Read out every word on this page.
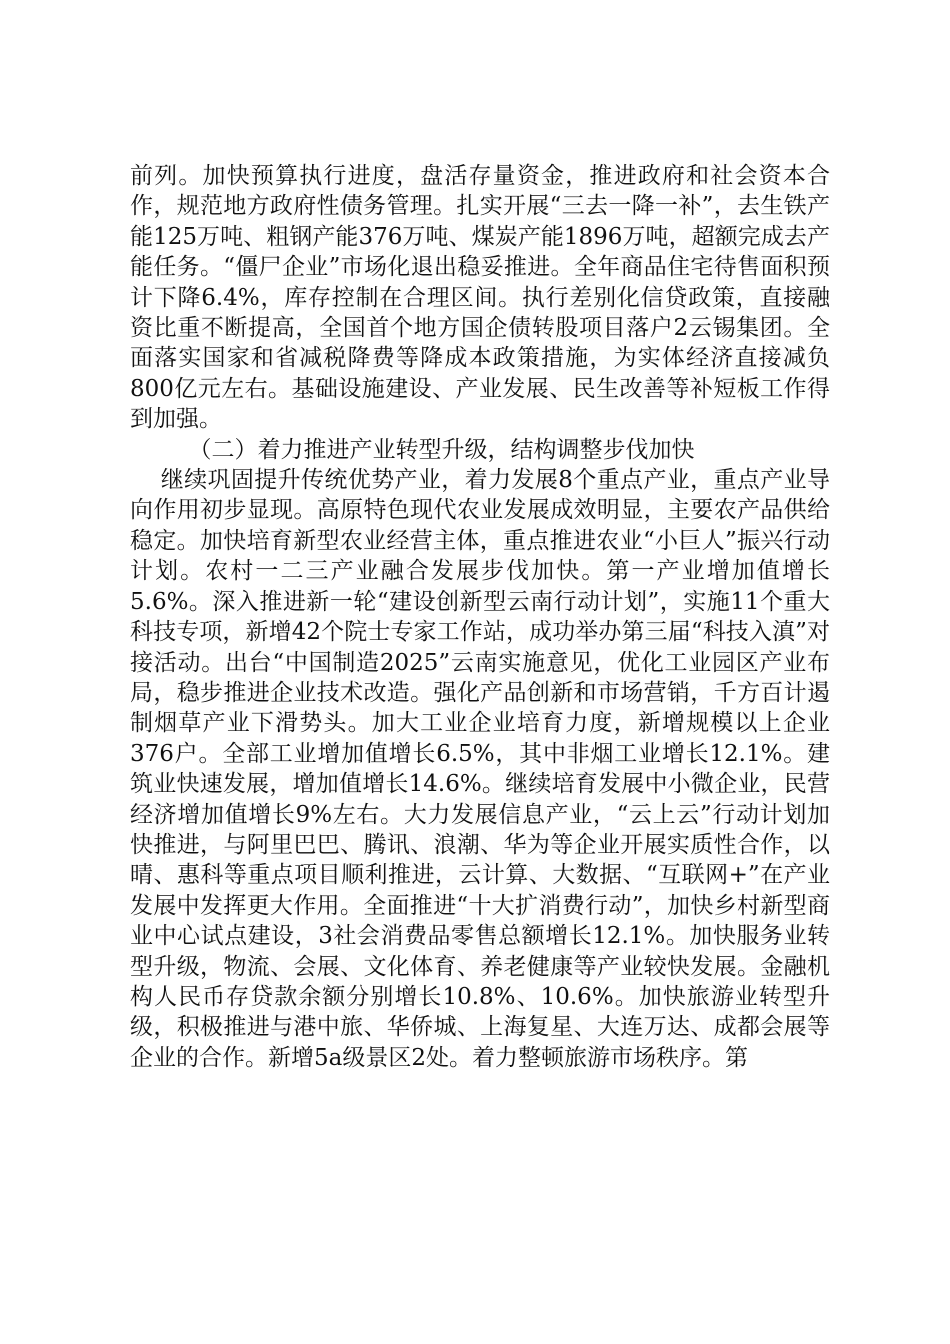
前列。加快预算执行进度，盘活存量资金，推进政府和社会资本合作，规范地方政府性债务管理。扎实开展“三去一降一补”，去生铁产能125万吨、粗钢产能376万吨、煤炭产能1896万吨，超额完成去产能任务。“僵尸企业”市场化退出稳妥推进。全年商品住宅待售面积预计下降6.4%，库存控制在合理区间。执行差别化信贷政策，直接融资比重不断提高，全国首个地方国企债转股项目落户2云锡集团。全面落实国家和省减税降费等降成本政策措施，为实体经济直接减负800亿元左右。基础设施建设、产业发展、民生改善等补短板工作得到加强。

（二）着力推进产业转型升级，结构调整步伐加快

继续巩固提升传统优势产业，着力发展8个重点产业，重点产业导向作用初步显现。高原特色现代农业发展成效明显，主要农产品供给稳定。加快培育新型农业经营主体，重点推进农业“小巨人”振兴行动计划。农村一二三产业融合发展步伐加快。第一产业增加值增长5.6%。深入推进新一轮“建设创新型云南行动计划”，实施11个重大科技专项，新增42个院士专家工作站，成功举办第三届“科技入滇”对接活动。出台“中国制造2025”云南实施意见，优化工业园区产业布局，稳步推进企业技术改造。强化产品创新和市场营销，千方百计遏制烟草产业下滑势头。加大工业企业培育力度，新增规模以上企业376户。全部工业增加值增长6.5%，其中非烟工业增长12.1%。建筑业快速发展，增加值增长14.6%。继续培育发展中小微企业，民营经济增加值增长9%左右。大力发展信息产业，“云上云”行动计划加快推进，与阿里巴巴、腾讯、浪潮、华为等企业开展实质性合作，以晴、惠科等重点项目顺利推进，云计算、大数据、“互联网+”在产业发展中发挥更大作用。全面推进“十大扩消费行动”，加快乡村新型商业中心试点建设，3社会消费品零售总额增长12.1%。加快服务业转型升级，物流、会展、文化体育、养老健康等产业较快发展。金融机构人民币存贷款余额分别增长10.8%、10.6%。加快旅游业转型升级，积极推进与港中旅、华侨城、上海复星、大连万达、成都会展等企业的合作。新增5a级景区2处。着力整顿旅游市场秩序。第
